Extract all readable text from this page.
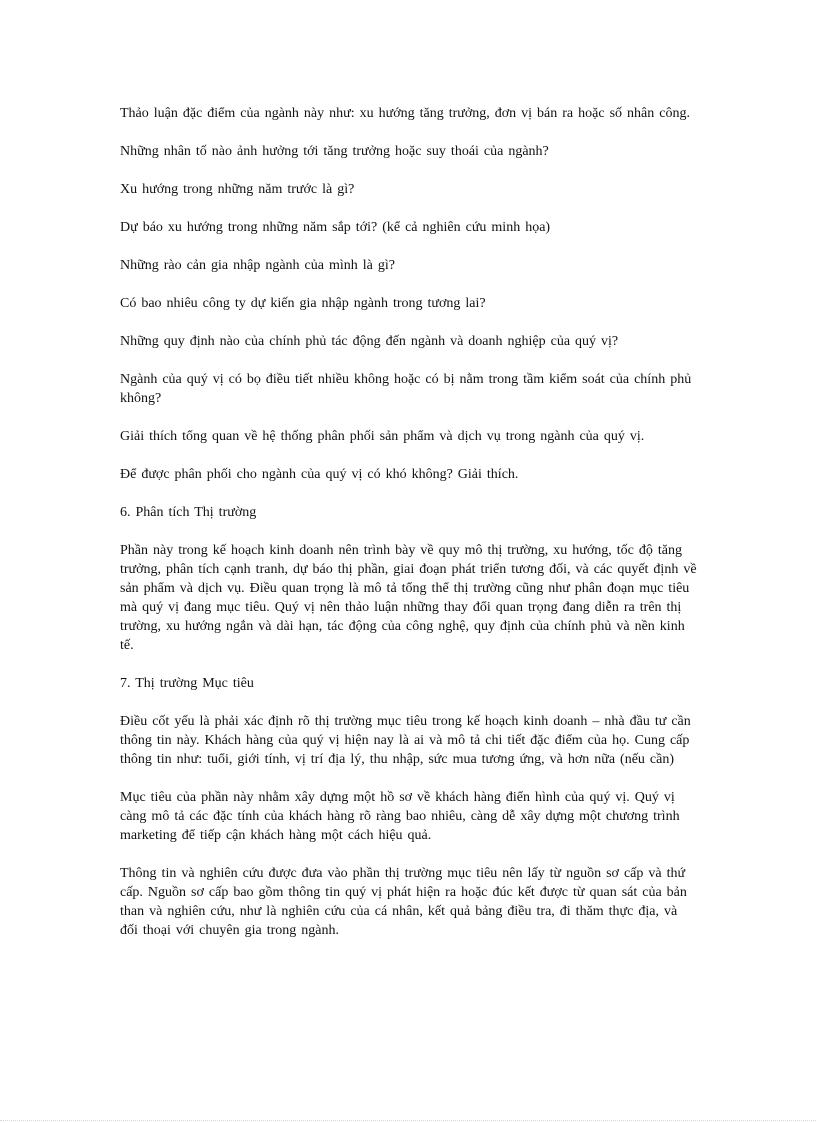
Thảo luận đặc điểm của ngành này như: xu hướng tăng trưởng, đơn vị bán ra hoặc số nhân công.

Những nhân tố nào ảnh hưởng tới tăng trưởng hoặc suy thoái của ngành?

Xu hướng trong những năm trước là gì?

Dự báo xu hướng trong những năm sắp tới? (kể cả nghiên cứu minh họa)

Những rào cản gia nhập ngành của mình là gì?

Có bao nhiêu công ty dự kiến gia nhập ngành trong tương lai?

Những quy định nào của chính phủ tác động đến ngành và doanh nghiệp của quý vị?

Ngành của quý vị có bọ điều tiết nhiều không hoặc có bị nằm trong tầm kiểm soát của chính phủ không?

Giải thích tổng quan về hệ thống phân phối sản phẩm và dịch vụ trong ngành của quý vị.

Để được phân phối cho ngành của quý vị có khó không? Giải thích.

6. Phân tích Thị trường

Phần này trong kế hoạch kinh doanh nên trình bày về quy mô thị trường, xu hướng, tốc độ tăng trưởng, phân tích cạnh tranh, dự báo thị phần, giai đoạn phát triển tương đối, và các quyết định về sản phẩm và dịch vụ. Điều quan trọng là mô tả tổng thể thị trường cũng như phân đoạn mục tiêu mà quý vị đang mục tiêu. Quý vị nên thảo luận những thay đổi quan trọng đang diễn ra trên thị trường, xu hướng ngắn và dài hạn, tác động của công nghệ, quy định của chính phủ và nền kinh tế.

7. Thị trường Mục tiêu

Điều cốt yếu là phải xác định rõ thị trường mục tiêu trong kế hoạch kinh doanh – nhà đầu tư cần thông tin này. Khách hàng của quý vị hiện nay là ai và mô tả chi tiết đặc điểm của họ. Cung cấp thông tin như: tuổi, giới tính, vị trí địa lý, thu nhập, sức mua tương ứng, và hơn nữa (nếu cần)

Mục tiêu của phần này nhằm xây dựng một hồ sơ về khách hàng điển hình của quý vị. Quý vị càng mô tả các đặc tính của khách hàng rõ ràng bao nhiêu, càng dễ xây dựng một chương trình marketing để tiếp cận khách hàng một cách hiệu quả.

Thông tin và nghiên cứu được đưa vào phần thị trường mục tiêu nên lấy từ nguồn sơ cấp và thứ cấp. Nguồn sơ cấp bao gồm thông tin quý vị phát hiện ra hoặc đúc kết được từ quan sát của bản than và nghiên cứu, như là nghiên cứu của cá nhân, kết quả bảng điều tra, đi thăm thực địa, và đối thoại với chuyên gia trong ngành.
